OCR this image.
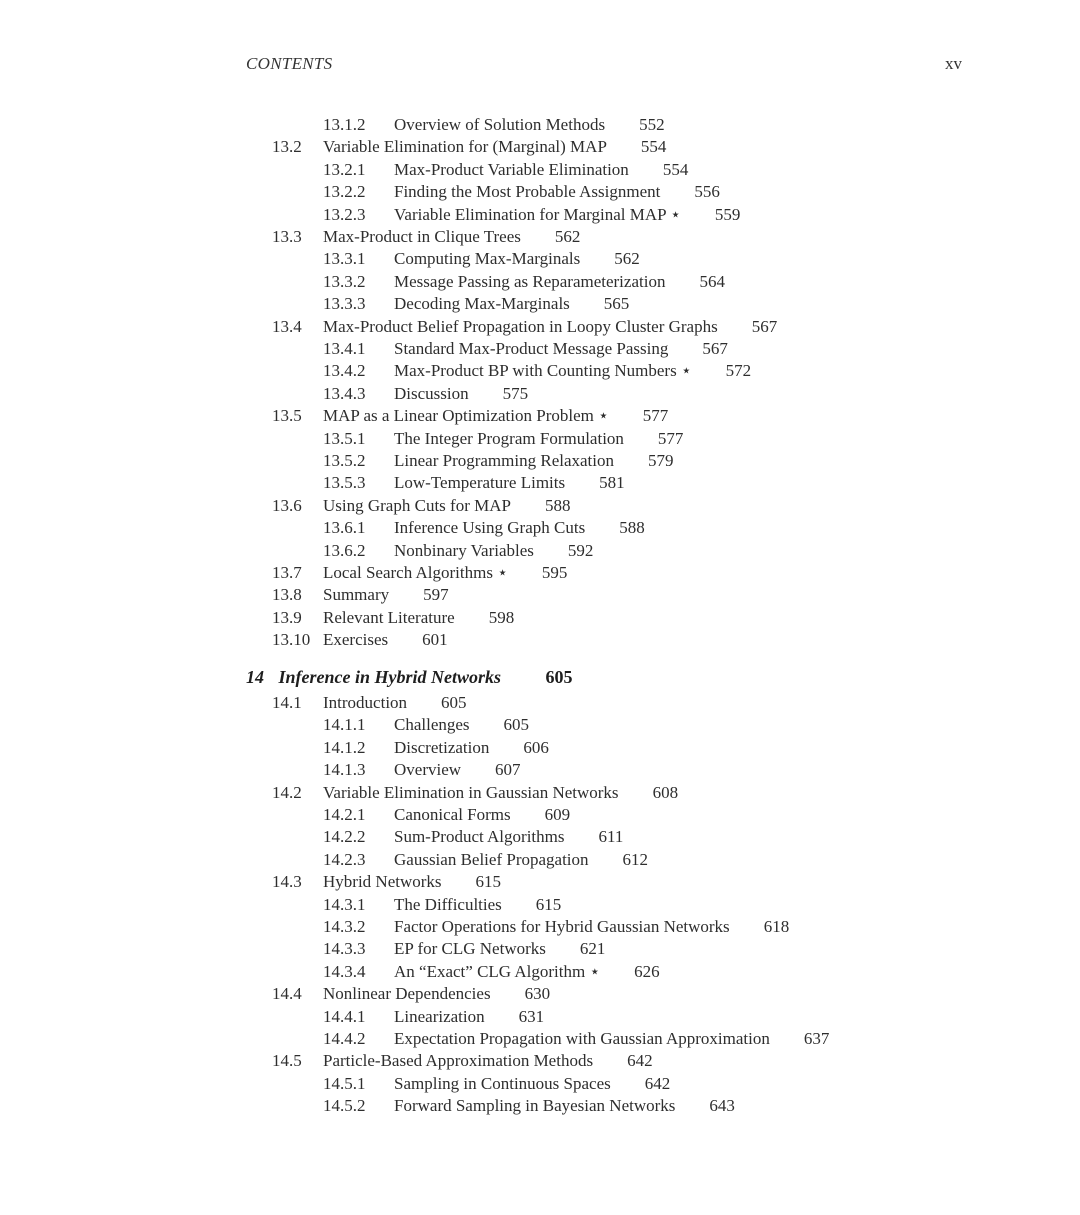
CONTENTS	xv
13.1.2 Overview of Solution Methods 552
13.2 Variable Elimination for (Marginal) MAP 554
13.2.1 Max-Product Variable Elimination 554
13.2.2 Finding the Most Probable Assignment 556
13.2.3 Variable Elimination for Marginal MAP ⋆ 559
13.3 Max-Product in Clique Trees 562
13.3.1 Computing Max-Marginals 562
13.3.2 Message Passing as Reparameterization 564
13.3.3 Decoding Max-Marginals 565
13.4 Max-Product Belief Propagation in Loopy Cluster Graphs 567
13.4.1 Standard Max-Product Message Passing 567
13.4.2 Max-Product BP with Counting Numbers ⋆ 572
13.4.3 Discussion 575
13.5 MAP as a Linear Optimization Problem ⋆ 577
13.5.1 The Integer Program Formulation 577
13.5.2 Linear Programming Relaxation 579
13.5.3 Low-Temperature Limits 581
13.6 Using Graph Cuts for MAP 588
13.6.1 Inference Using Graph Cuts 588
13.6.2 Nonbinary Variables 592
13.7 Local Search Algorithms ⋆ 595
13.8 Summary 597
13.9 Relevant Literature 598
13.10 Exercises 601
14 Inference in Hybrid Networks 605
14.1 Introduction 605
14.1.1 Challenges 605
14.1.2 Discretization 606
14.1.3 Overview 607
14.2 Variable Elimination in Gaussian Networks 608
14.2.1 Canonical Forms 609
14.2.2 Sum-Product Algorithms 611
14.2.3 Gaussian Belief Propagation 612
14.3 Hybrid Networks 615
14.3.1 The Difficulties 615
14.3.2 Factor Operations for Hybrid Gaussian Networks 618
14.3.3 EP for CLG Networks 621
14.3.4 An “Exact” CLG Algorithm ⋆ 626
14.4 Nonlinear Dependencies 630
14.4.1 Linearization 631
14.4.2 Expectation Propagation with Gaussian Approximation 637
14.5 Particle-Based Approximation Methods 642
14.5.1 Sampling in Continuous Spaces 642
14.5.2 Forward Sampling in Bayesian Networks 643
